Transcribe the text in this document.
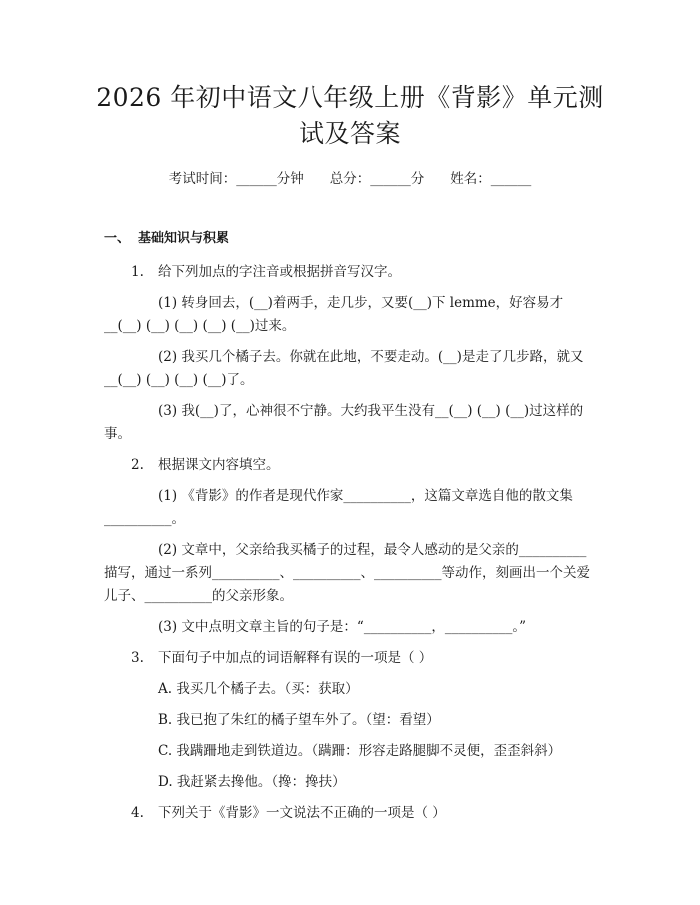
2026 年初中语文八年级上册《背影》单元测
试及答案
考试时间：______分钟 总分：______分 姓名：______
一、 基础知识与积累
1. 给下列加点的字注音或根据拼音写汉字。
(1) 转身回去，(__)着两手，走几步，又要(__)下 lemme，好容易才
__(__) (__) (__) (__) (__)过来。
(2) 我买几个橘子去。你就在此地，不要走动。(__)是走了几步路，就又
__(__) (__) (__) (__)了。
(3) 我(__)了，心神很不宁静。大约我平生没有__(__) (__) (__)过这样的
事。
2. 根据课文内容填空。
(1) 《背影》的作者是现代作家__________，这篇文章选自他的散文集
__________。
(2) 文章中，父亲给我买橘子的过程，最令人感动的是父亲的__________
描写，通过一系列__________、__________、__________等动作，刻画出一个关爱
儿子、__________的父亲形象。
(3) 文中点明文章主旨的句子是：“__________，__________。”
3. 下面句子中加点的词语解释有误的一项是（ ）
A. 我买几个橘子去。（买：获取）
B. 我已抱了朱红的橘子望车外了。（望：看望）
C. 我蹒跚地走到铁道边。（蹒跚：形容走路腿脚不灵便，歪歪斜斜）
D. 我赶紧去搀他。（搀：搀扶）
4. 下列关于《背影》一文说法不正确的一项是（ ）
